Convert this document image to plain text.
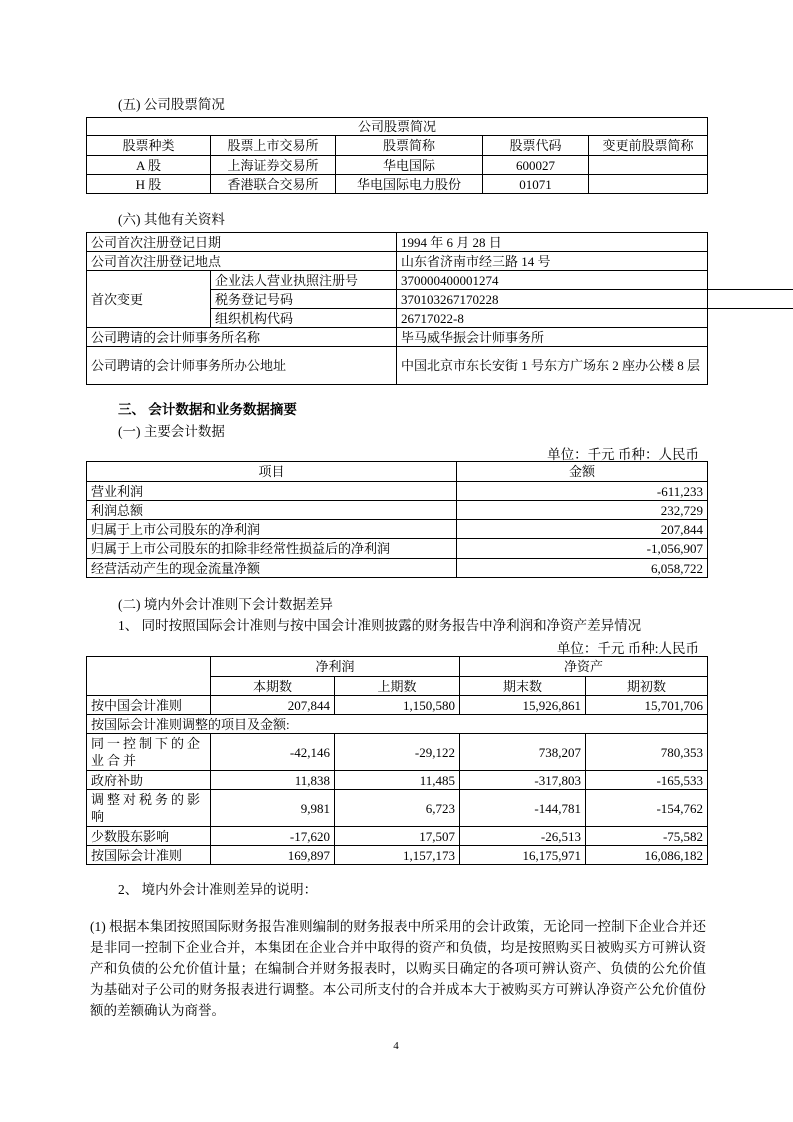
(五) 公司股票简况
公司股票简况				
股票种类	股票上市交易所	股票简称	股票代码	变更前股票简称
A 股	上海证券交易所	华电国际	600027	
H 股	香港联合交易所	华电国际电力股份	01071	
(六) 其他有关资料
公司首次注册登记日期		1994 年 6 月 28 日
公司首次注册登记地点		山东省济南市经三路 14 号
首次变更	企业法人营业执照注册号	370000400001274
	税务登记号码	370103267170228
	组织机构代码	26717022-8
公司聘请的会计师事务所名称		毕马威华振会计师事务所
公司聘请的会计师事务所办公地址		中国北京市东长安街 1 号东方广场东 2 座办公楼 8 层
三、 会计数据和业务数据摘要
(一) 主要会计数据
单位：千元 币种：人民币
项目	金额
营业利润	-611,233
利润总额	232,729
归属于上市公司股东的净利润	207,844
归属于上市公司股东的扣除非经常性损益后的净利润	-1,056,907
经营活动产生的现金流量净额	6,058,722
(二) 境内外会计准则下会计数据差异
1、 同时按照国际会计准则与按中国会计准则披露的财务报告中净利润和净资产差异情况
单位：千元 币种:人民币
	净利润		净资产	
	本期数	上期数	期末数	期初数
按中国会计准则	207,844	1,150,580	15,926,861	15,701,706
按国际会计准则调整的项目及金额:				
同一控制下的企业合并	-42,146	-29,122	738,207	780,353
政府补助	11,838	11,485	-317,803	-165,533
调整对税务的影响	9,981	6,723	-144,781	-154,762
少数股东影响	-17,620	17,507	-26,513	-75,582
按国际会计准则	169,897	1,157,173	16,175,971	16,086,182
2、 境内外会计准则差异的说明：
(1) 根据本集团按照国际财务报告准则编制的财务报表中所采用的会计政策，无论同一控制下企业合并还是非同一控制下企业合并，本集团在企业合并中取得的资产和负债，均是按照购买日被购买方可辨认资产和负债的公允价值计量；在编制合并财务报表时，以购买日确定的各项可辨认资产、负债的公允价值为基础对子公司的财务报表进行调整。本公司所支付的合并成本大于被购买方可辨认净资产公允价值份额的差额确认为商誉。
4
